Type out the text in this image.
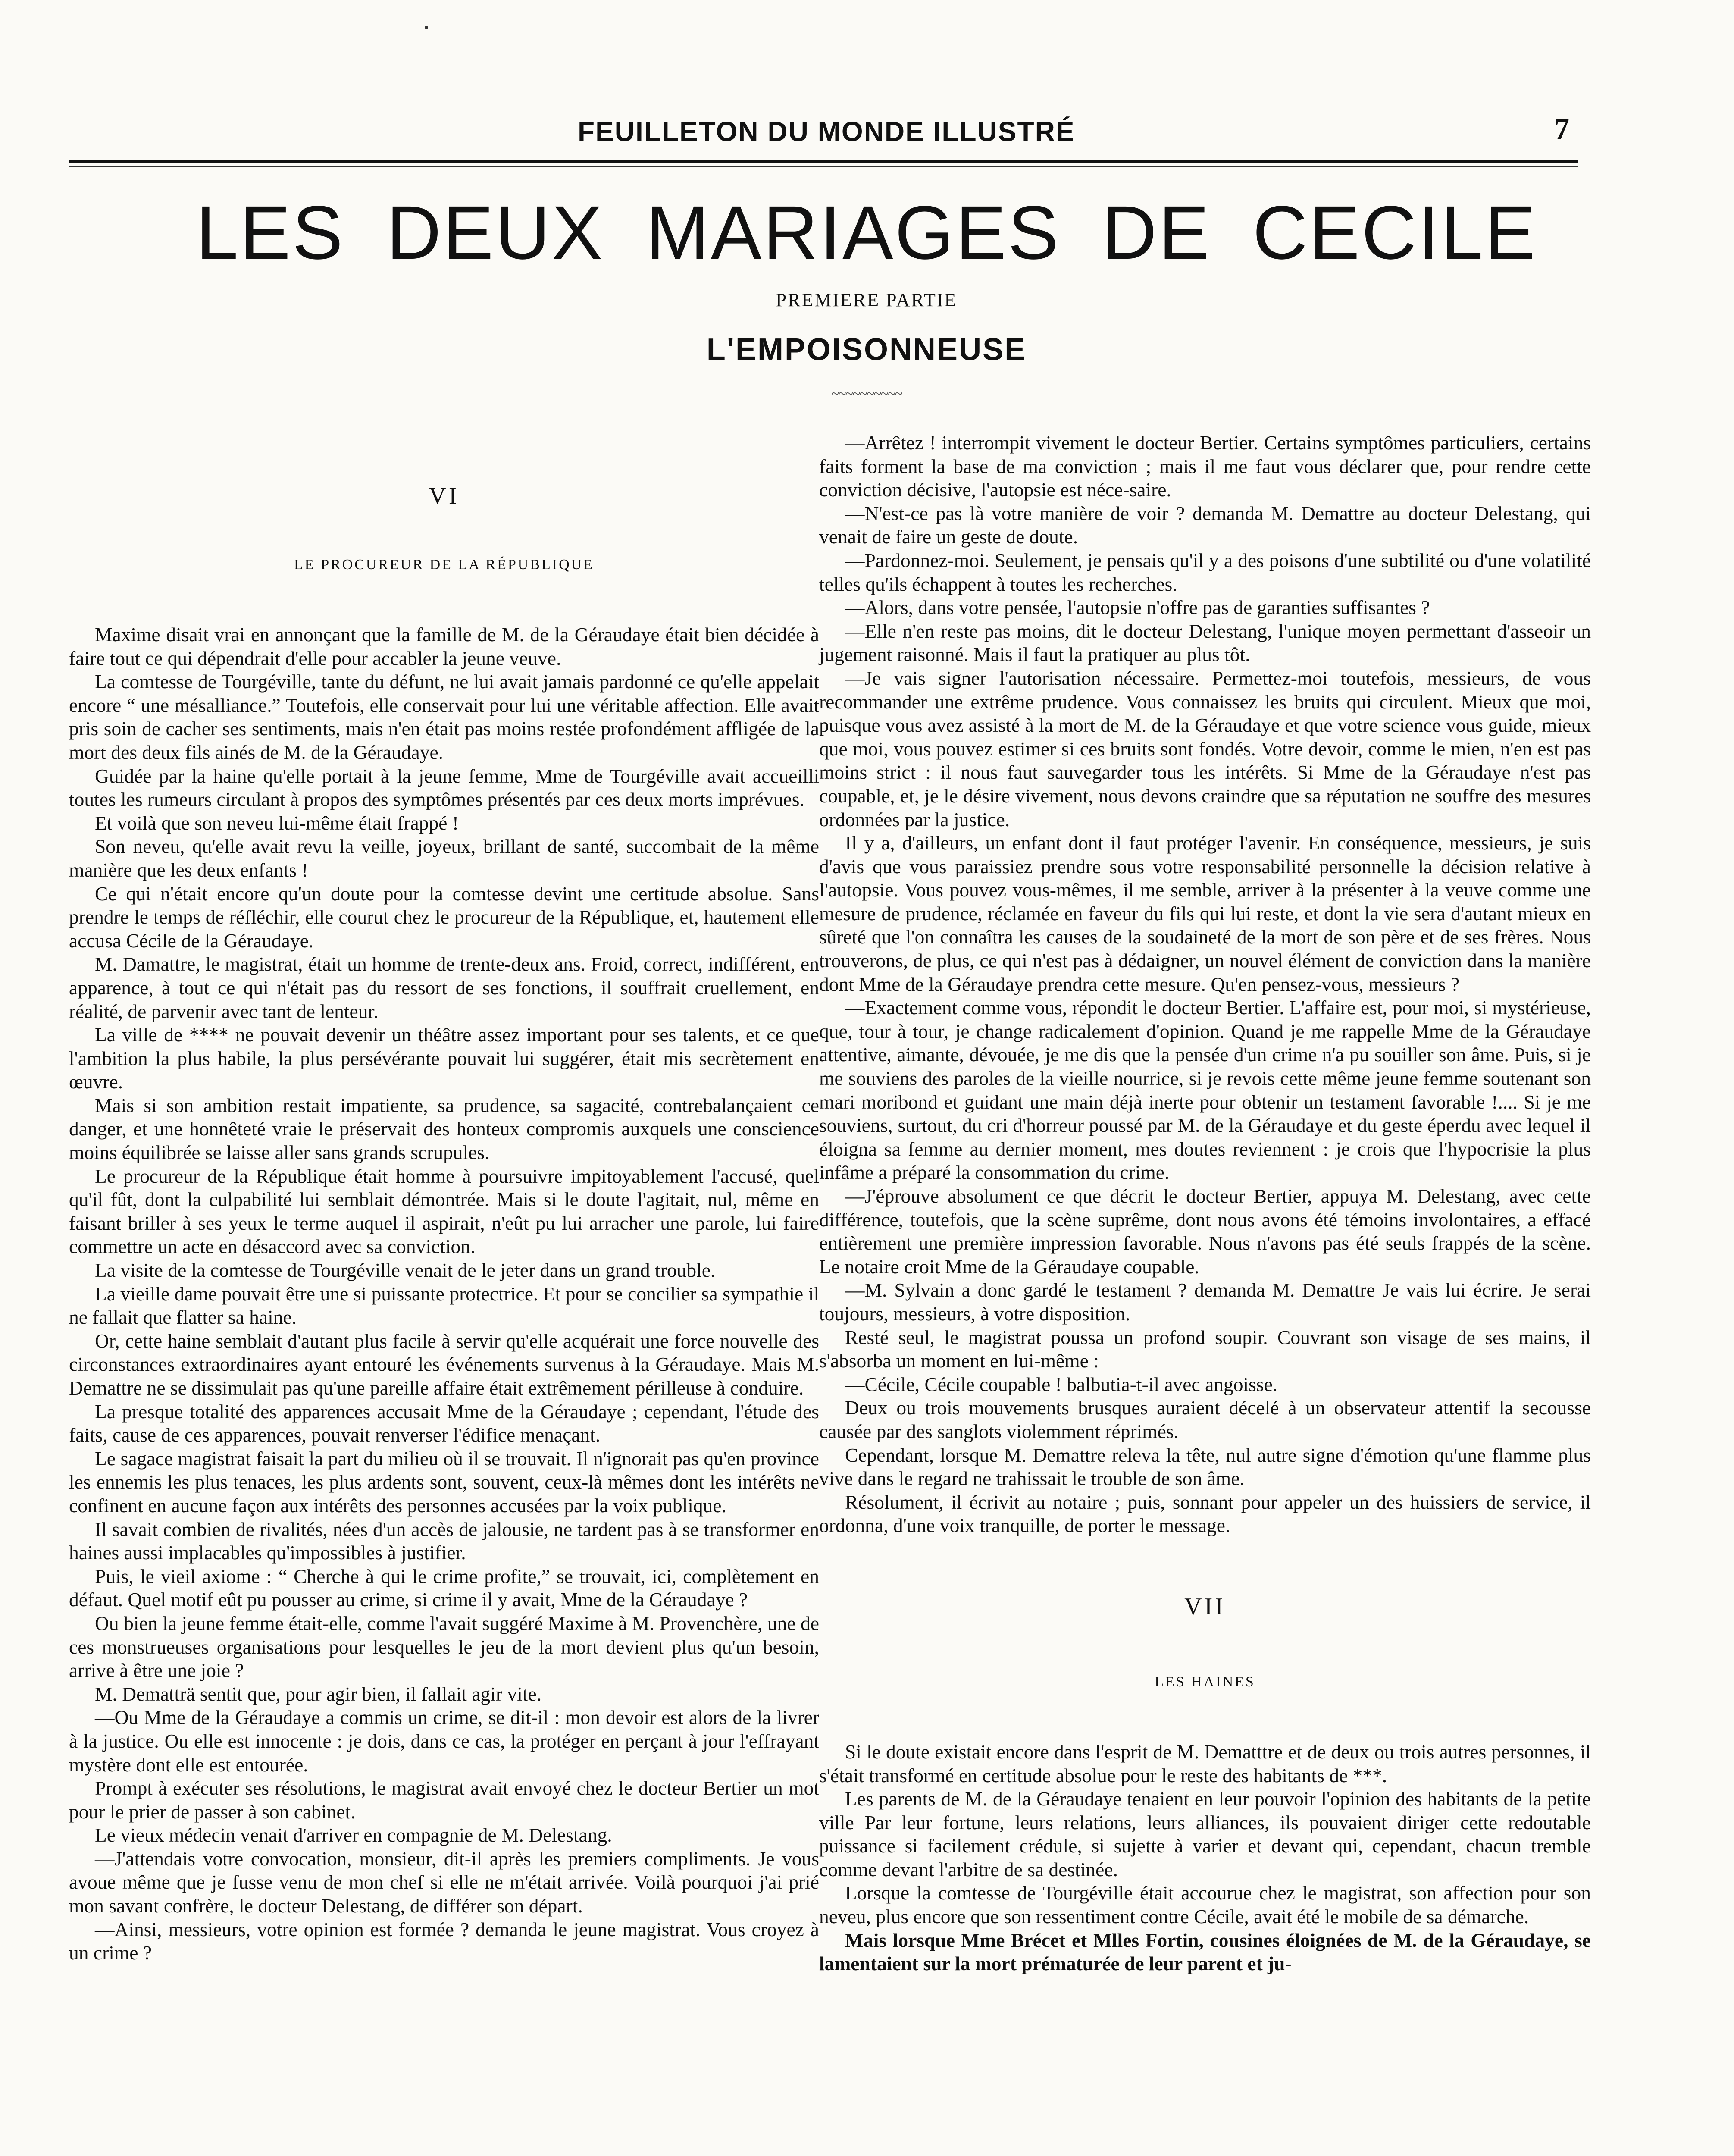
FEUILLETON DU MONDE ILLUSTRÉ	7
LES DEUX MARIAGES DE CECILE
PREMIERE PARTIE
L'EMPOISONNEUSE
~~~~~~~~~~

VI

LE PROCUREUR DE LA RÉPUBLIQUE

Maxime disait vrai en annonçant que la famille de M. de la Géraudaye était bien décidée à faire tout ce qui dépendrait d'elle pour accabler la jeune veuve.

La comtesse de Tourgéville, tante du défunt, ne lui avait jamais pardonné ce qu'elle appelait encore “ une mésalliance.” Toutefois, elle conservait pour lui une véritable affection. Elle avait pris soin de cacher ses sentiments, mais n'en était pas moins restée profondément affligée de la mort des deux fils ainés de M. de la Géraudaye.

Guidée par la haine qu'elle portait à la jeune femme, Mme de Tourgéville avait accueilli toutes les rumeurs circulant à propos des symptômes présentés par ces deux morts imprévues.

Et voilà que son neveu lui-même était frappé !

Son neveu, qu'elle avait revu la veille, joyeux, brillant de santé, succombait de la même manière que les deux enfants !

Ce qui n'était encore qu'un doute pour la comtesse devint une certitude absolue. Sans prendre le temps de réfléchir, elle courut chez le procureur de la République, et, hautement elle accusa Cécile de la Géraudaye.

M. Damattre, le magistrat, était un homme de trente-deux ans. Froid, correct, indifférent, en apparence, à tout ce qui n'était pas du ressort de ses fonctions, il souffrait cruellement, en réalité, de parvenir avec tant de lenteur.

La ville de **** ne pouvait devenir un théâtre assez important pour ses talents, et ce que l'ambition la plus habile, la plus persévérante pouvait lui suggérer, était mis secrètement en œuvre.

Mais si son ambition restait impatiente, sa prudence, sa sagacité, contrebalançaient ce danger, et une honnêteté vraie le préservait des honteux compromis auxquels une conscience moins équilibrée se laisse aller sans grands scrupules.

Le procureur de la République était homme à poursuivre impitoyablement l'accusé, quel qu'il fût, dont la culpabilité lui semblait démontrée. Mais si le doute l'agitait, nul, même en faisant briller à ses yeux le terme auquel il aspirait, n'eût pu lui arracher une parole, lui faire commettre un acte en désaccord avec sa conviction.

La visite de la comtesse de Tourgéville venait de le jeter dans un grand trouble.

La vieille dame pouvait être une si puissante protectrice. Et pour se concilier sa sympathie il ne fallait que flatter sa haine.

Or, cette haine semblait d'autant plus facile à servir qu'elle acquérait une force nouvelle des circonstances extraordinaires ayant entouré les événements survenus à la Géraudaye. Mais M. Demattre ne se dissimulait pas qu'une pareille affaire était extrêmement périlleuse à conduire.

La presque totalité des apparences accusait Mme de la Géraudaye ; cependant, l'étude des faits, cause de ces apparences, pouvait renverser l'édifice menaçant.

Le sagace magistrat faisait la part du milieu où il se trouvait. Il n'ignorait pas qu'en province les ennemis les plus tenaces, les plus ardents sont, souvent, ceux-là mêmes dont les intérêts ne confinent en aucune façon aux intérêts des personnes accusées par la voix publique.

Il savait combien de rivalités, nées d'un accès de jalousie, ne tardent pas à se transformer en haines aussi implacables qu'impossibles à justifier.

Puis, le vieil axiome : “ Cherche à qui le crime profite,” se trouvait, ici, complètement en défaut. Quel motif eût pu pousser au crime, si crime il y avait, Mme de la Géraudaye ?

Ou bien la jeune femme était-elle, comme l'avait suggéré Maxime à M. Provenchère, une de ces monstrueuses organisations pour lesquelles le jeu de la mort devient plus qu'un besoin, arrive à être une joie ?

M. Dematträ sentit que, pour agir bien, il fallait agir vite.

—Ou Mme de la Géraudaye a commis un crime, se dit-il : mon devoir est alors de la livrer à la justice. Ou elle est innocente : je dois, dans ce cas, la protéger en perçant à jour l'effrayant mystère dont elle est entourée.

Prompt à exécuter ses résolutions, le magistrat avait envoyé chez le docteur Bertier un mot pour le prier de passer à son cabinet.

Le vieux médecin venait d'arriver en compagnie de M. Delestang.

—J'attendais votre convocation, monsieur, dit-il après les premiers compliments. Je vous avoue même que je fusse venu de mon chef si elle ne m'était arrivée. Voilà pourquoi j'ai prié mon savant confrère, le docteur Delestang, de différer son départ.

—Ainsi, messieurs, votre opinion est formée ? demanda le jeune magistrat. Vous croyez à un crime ?

—Arrêtez ! interrompit vivement le docteur Bertier. Certains symptômes particuliers, certains faits forment la base de ma conviction ; mais il me faut vous déclarer que, pour rendre cette conviction décisive, l'autopsie est néce-saire.

—N'est-ce pas là votre manière de voir ? demanda M. Demattre au docteur Delestang, qui venait de faire un geste de doute.

—Pardonnez-moi. Seulement, je pensais qu'il y a des poisons d'une subtilité ou d'une volatilité telles qu'ils échappent à toutes les recherches.

—Alors, dans votre pensée, l'autopsie n'offre pas de garanties suffisantes ?

—Elle n'en reste pas moins, dit le docteur Delestang, l'unique moyen permettant d'asseoir un jugement raisonné. Mais il faut la pratiquer au plus tôt.

—Je vais signer l'autorisation nécessaire. Permettez-moi toutefois, messieurs, de vous recommander une extrême prudence. Vous connaissez les bruits qui circulent. Mieux que moi, puisque vous avez assisté à la mort de M. de la Géraudaye et que votre science vous guide, mieux que moi, vous pouvez estimer si ces bruits sont fondés. Votre devoir, comme le mien, n'en est pas moins strict : il nous faut sauvegarder tous les intérêts. Si Mme de la Géraudaye n'est pas coupable, et, je le désire vivement, nous devons craindre que sa réputation ne souffre des mesures ordonnées par la justice.

Il y a, d'ailleurs, un enfant dont il faut protéger l'avenir. En conséquence, messieurs, je suis d'avis que vous paraissiez prendre sous votre responsabilité personnelle la décision relative à l'autopsie. Vous pouvez vous-mêmes, il me semble, arriver à la présenter à la veuve comme une mesure de prudence, réclamée en faveur du fils qui lui reste, et dont la vie sera d'autant mieux en sûreté que l'on connaîtra les causes de la soudaineté de la mort de son père et de ses frères. Nous trouverons, de plus, ce qui n'est pas à dédaigner, un nouvel élément de conviction dans la manière dont Mme de la Géraudaye prendra cette mesure. Qu'en pensez-vous, messieurs ?

—Exactement comme vous, répondit le docteur Bertier. L'affaire est, pour moi, si mystérieuse, que, tour à tour, je change radicalement d'opinion. Quand je me rappelle Mme de la Géraudaye attentive, aimante, dévouée, je me dis que la pensée d'un crime n'a pu souiller son âme. Puis, si je me souviens des paroles de la vieille nourrice, si je revois cette même jeune femme soutenant son mari moribond et guidant une main déjà inerte pour obtenir un testament favorable !.... Si je me souviens, surtout, du cri d'horreur poussé par M. de la Géraudaye et du geste éperdu avec lequel il éloigna sa femme au dernier moment, mes doutes reviennent : je crois que l'hypocrisie la plus infâme a préparé la consommation du crime.

—J'éprouve absolument ce que décrit le docteur Bertier, appuya M. Delestang, avec cette différence, toutefois, que la scène suprême, dont nous avons été témoins involontaires, a effacé entièrement une première impression favorable. Nous n'avons pas été seuls frappés de la scène. Le notaire croit Mme de la Géraudaye coupable.

—M. Sylvain a donc gardé le testament ? demanda M. Demattre Je vais lui écrire. Je serai toujours, messieurs, à votre disposition.

Resté seul, le magistrat poussa un profond soupir. Couvrant son visage de ses mains, il s'absorba un moment en lui-même :

—Cécile, Cécile coupable ! balbutia-t-il avec angoisse.

Deux ou trois mouvements brusques auraient décelé à un observateur attentif la secousse causée par des sanglots violemment réprimés.

Cependant, lorsque M. Demattre releva la tête, nul autre signe d'émotion qu'une flamme plus vive dans le regard ne trahissait le trouble de son âme.

Résolument, il écrivit au notaire ; puis, sonnant pour appeler un des huissiers de service, il ordonna, d'une voix tranquille, de porter le message.

VII

LES HAINES

Si le doute existait encore dans l'esprit de M. Dematttre et de deux ou trois autres personnes, il s'était transformé en certitude absolue pour le reste des habitants de ***.

Les parents de M. de la Géraudaye tenaient en leur pouvoir l'opinion des habitants de la petite ville Par leur fortune, leurs relations, leurs alliances, ils pouvaient diriger cette redoutable puissance si facilement crédule, si sujette à varier et devant qui, cependant, chacun tremble comme devant l'arbitre de sa destinée.

Lorsque la comtesse de Tourgéville était accourue chez le magistrat, son affection pour son neveu, plus encore que son ressentiment contre Cécile, avait été le mobile de sa démarche.

Mais lorsque Mme Brécet et Mlles Fortin, cousines éloignées de M. de la Géraudaye, se lamentaient sur la mort prématurée de leur parent et ju-
